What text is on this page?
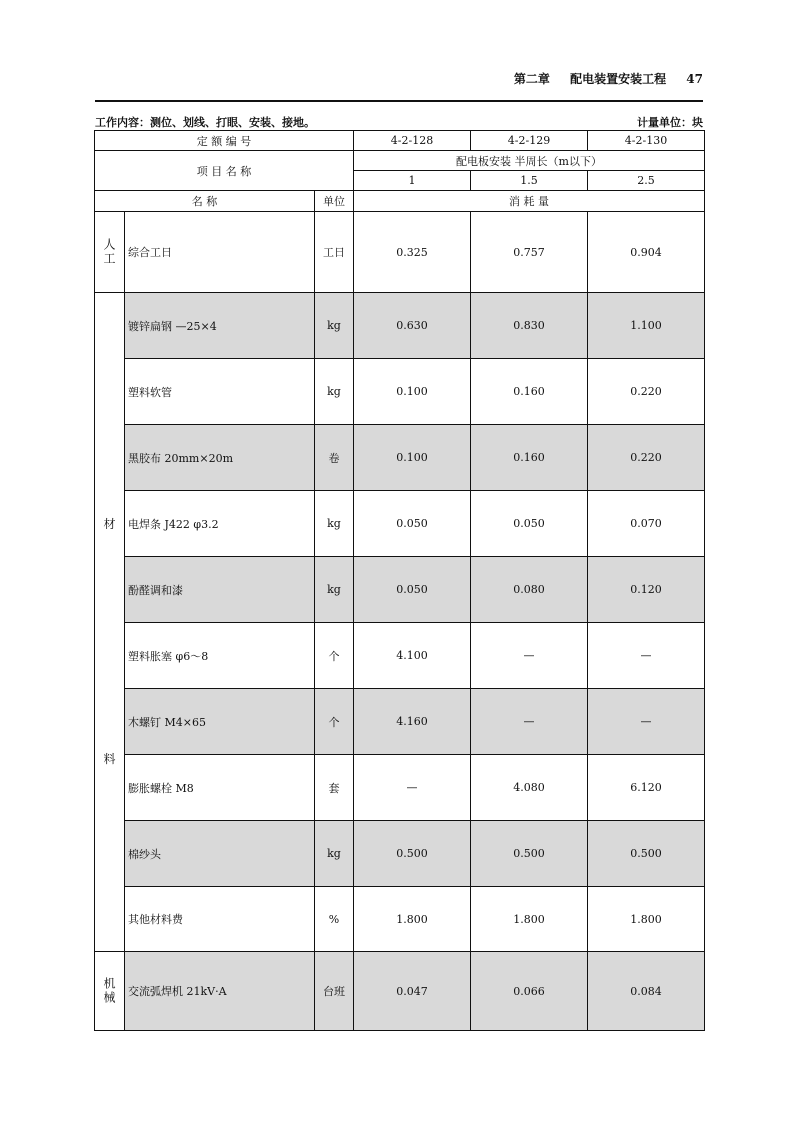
第二章 配电装置安装工程 47
工作内容：测位、划线、打眼、安装、接地。	计量单位：块
定 额 编 号			4-2-128	4-2-129	4-2-130
项 目 名 称			配电板安装 半周长（m以下）		
			1	1.5	2.5
名 称		单位	消 耗 量		
人工	综合工日	工日	0.325	0.757	0.904

材
料	镀锌扁钢 —25×4	kg	0.630	0.830	1.100
	塑料软管	kg	0.100	0.160	0.220
	黑胶布 20mm×20m	卷	0.100	0.160	0.220
	电焊条 J422 φ3.2	kg	0.050	0.050	0.070
	酚醛调和漆	kg	0.050	0.080	0.120
	塑料胀塞 φ6～8	个	4.100	—	—
	木螺钉 M4×65	个	4.160	—	—
	膨胀螺栓 M8	套	—	4.080	6.120
	棉纱头	kg	0.500	0.500	0.500
	其他材料费	%	1.800	1.800	1.800
机械	交流弧焊机 21kV·A	台班	0.047	0.066	0.084
